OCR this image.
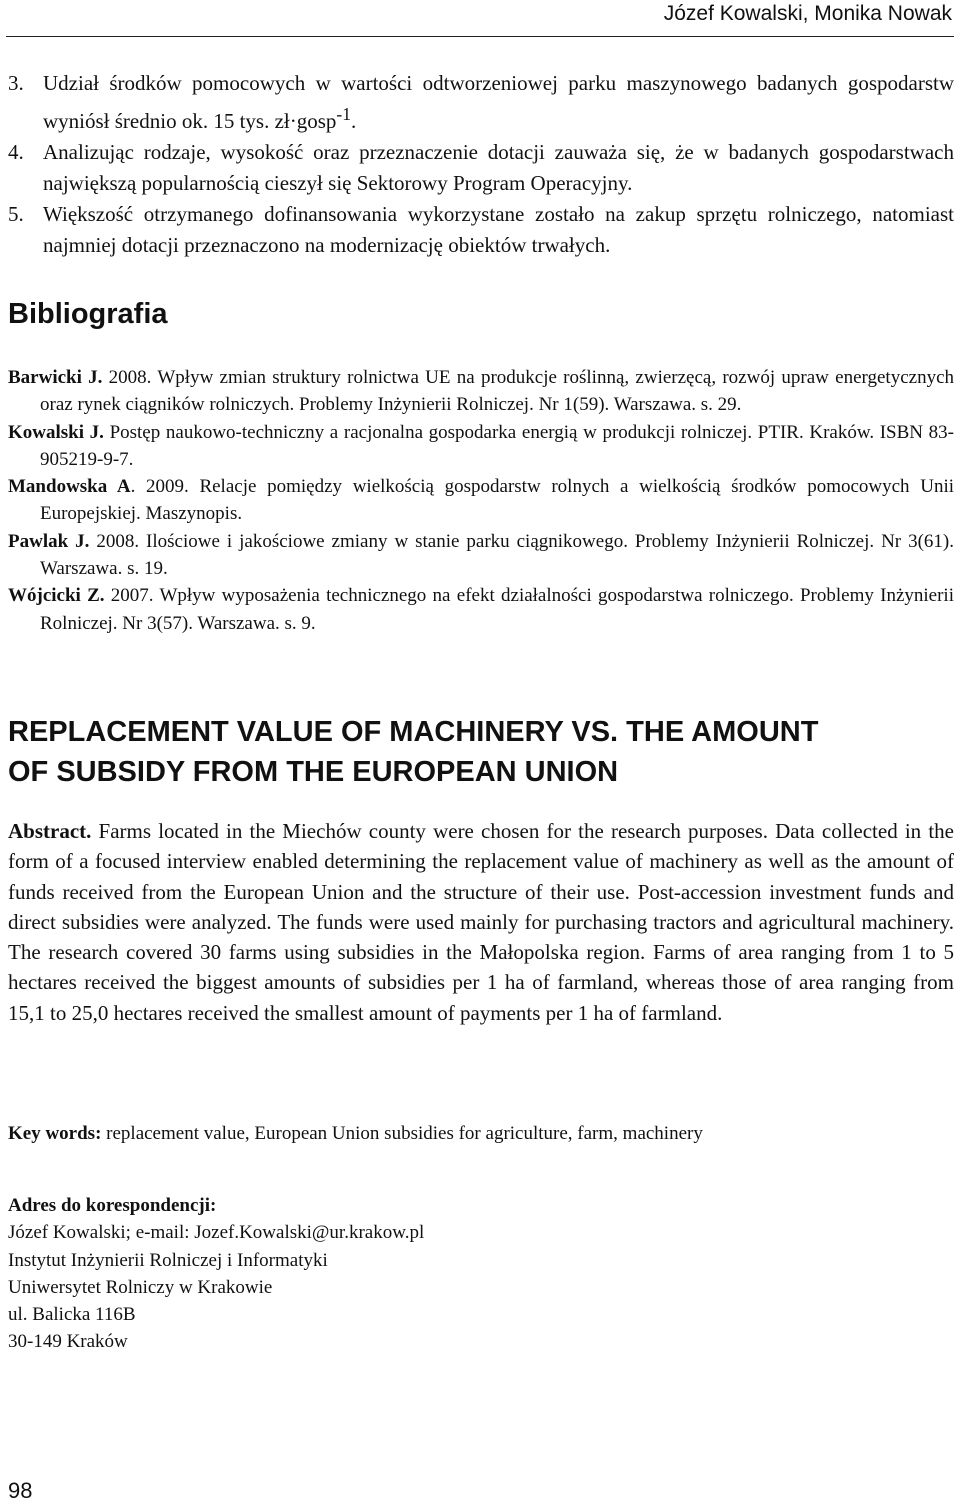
Józef Kowalski, Monika Nowak

3. Udział środków pomocowych w wartości odtworzeniowej parku maszynowego badanych gospodarstw wyniósł średnio ok. 15 tys. zł·gosp$^{-1}$.

4. Analizując rodzaje, wysokość oraz przeznaczenie dotacji zauważa się, że w badanych gospodarstwach największą popularnością cieszył się Sektorowy Program Operacyjny.

5. Większość otrzymanego dofinansowania wykorzystane zostało na zakup sprzętu rolniczego, natomiast najmniej dotacji przeznaczono na modernizację obiektów trwałych.

Bibliografia
Barwicki J. 2008. Wpływ zmian struktury rolnictwa UE na produkcje roślinną, zwierzęcą, rozwój upraw energetycznych oraz rynek ciągników rolniczych. Problemy Inżynierii Rolniczej. Nr 1(59). Warszawa. s. 29.
Kowalski J. Postęp naukowo-techniczny a racjonalna gospodarka energią w produkcji rolniczej. PTIR. Kraków. ISBN 83-905219-9-7.
Mandowska A. 2009. Relacje pomiędzy wielkością gospodarstw rolnych a wielkością środków pomocowych Unii Europejskiej. Maszynopis.
Pawlak J. 2008. Ilościowe i jakościowe zmiany w stanie parku ciągnikowego. Problemy Inżynierii Rolniczej. Nr 3(61). Warszawa. s. 19.
Wójcicki Z. 2007. Wpływ wyposażenia technicznego na efekt działalności gospodarstwa rolniczego. Problemy Inżynierii Rolniczej. Nr 3(57). Warszawa. s. 9.
REPLACEMENT VALUE OF MACHINERY VS. THE AMOUNT
OF SUBSIDY FROM THE EUROPEAN UNION

Abstract. Farms located in the Miechów county were chosen for the research purposes. Data collected in the form of a focused interview enabled determining the replacement value of machinery as well as the amount of funds received from the European Union and the structure of their use. Post-accession investment funds and direct subsidies were analyzed. The funds were used mainly for purchasing tractors and agricultural machinery. The research covered 30 farms using subsidies in the Małopolska region. Farms of area ranging from 1 to 5 hectares received the biggest amounts of subsidies per 1 ha of farmland, whereas those of area ranging from 15,1 to 25,0 hectares received the smallest amount of payments per 1 ha of farmland.

Key words: replacement value, European Union subsidies for agriculture, farm, machinery

Adres do korespondencji:
Józef Kowalski; e-mail: Jozef.Kowalski@ur.krakow.pl
Instytut Inżynierii Rolniczej i Informatyki
Uniwersytet Rolniczy w Krakowie
ul. Balicka 116B
30-149 Kraków
98
